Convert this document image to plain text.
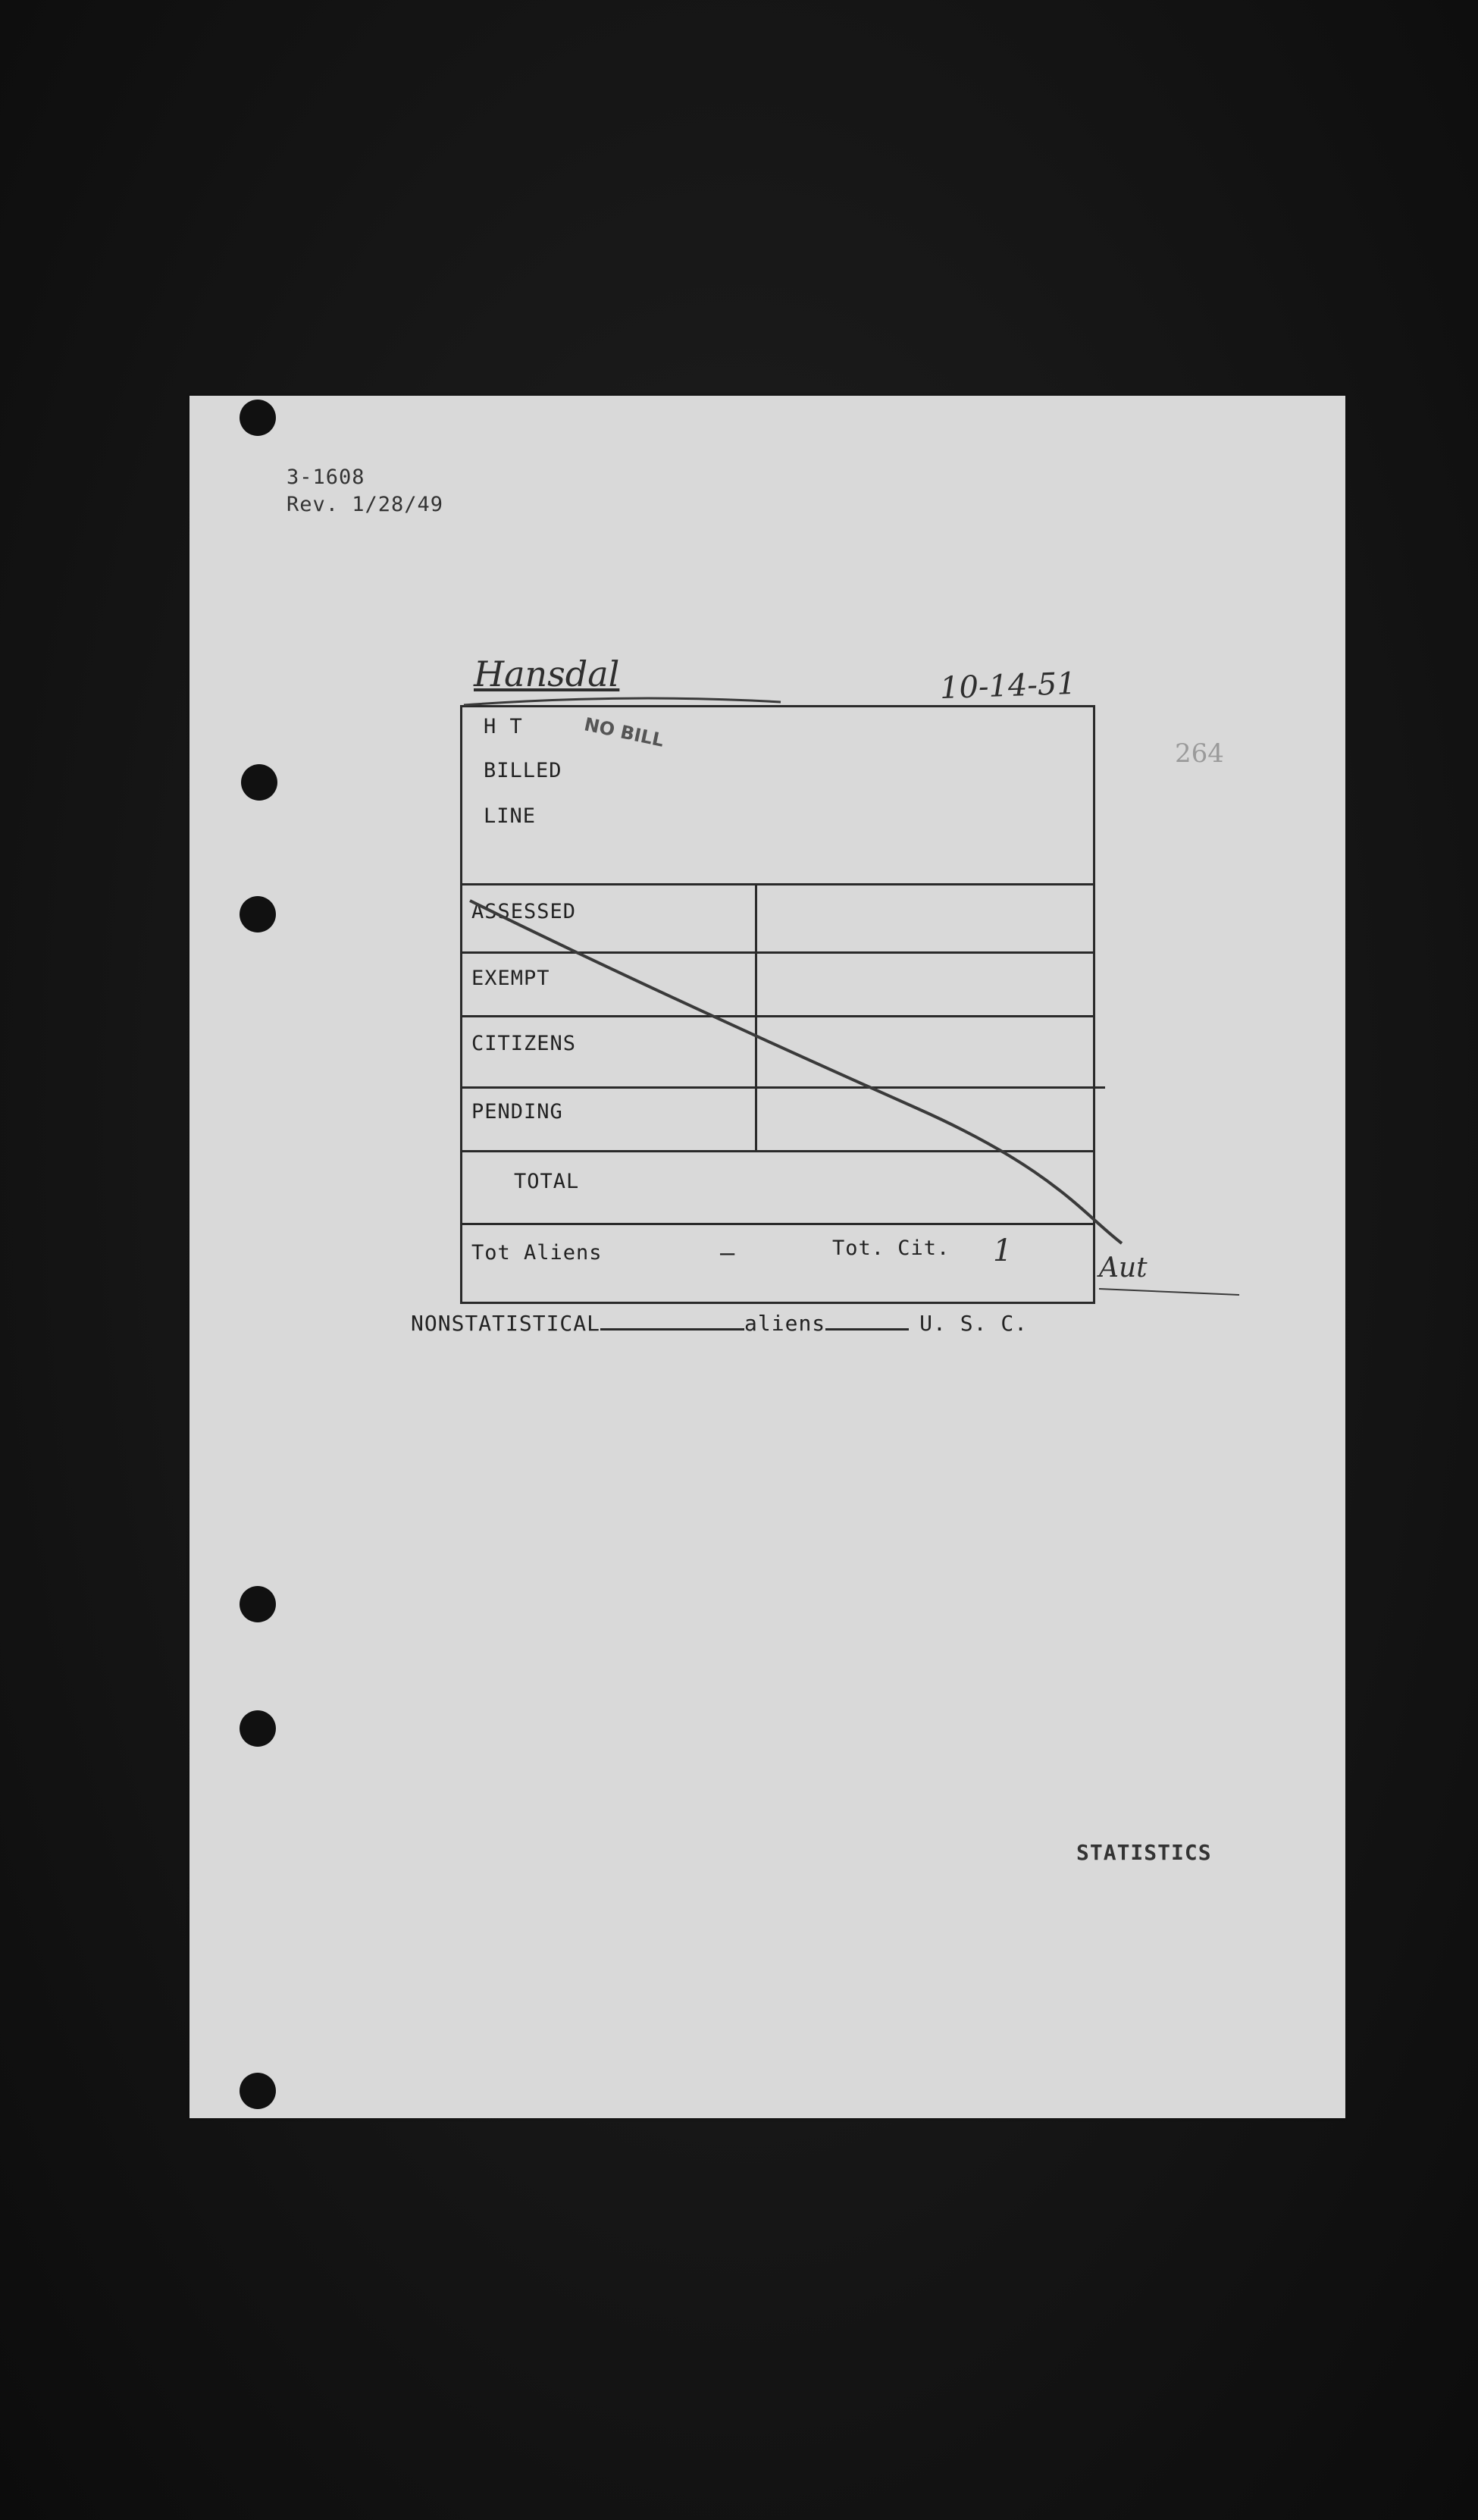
3-1608
Rev. 1/28/49
Hansdal	10-14-51
NO BILL
264
H T
BILLED
LINE
ASSESSED
EXEMPT
CITIZENS
PENDING
TOTAL
Tot Aliens	—	Tot. Cit. 1	Aut
NONSTATISTICAL	aliens	U. S. C.
STATISTICS
